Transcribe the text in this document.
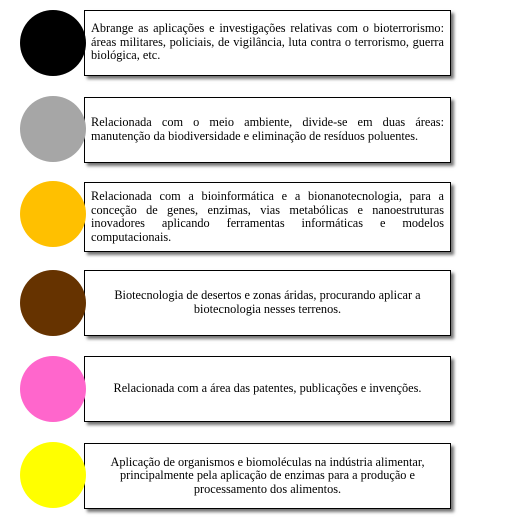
Abrange as aplicações e investigações relativas com o bioterrorismo: áreas militares, policiais, de vigilância, luta contra o terrorismo, guerra biológica, etc.
Relacionada com o meio ambiente, divide-se em duas áreas: manutenção da biodiversidade e eliminação de resíduos poluentes.
Relacionada com a bioinformática e a bionanotecnologia, para a conceção de genes, enzimas, vias metabólicas e nanoestruturas inovadores aplicando ferramentas informáticas e modelos computacionais.
Biotecnologia de desertos e zonas áridas, procurando aplicar a biotecnologia nesses terrenos.
Relacionada com a área das patentes, publicações e invenções.
Aplicação de organismos e biomoléculas na indústria alimentar, principalmente pela aplicação de enzimas para a produção e processamento dos alimentos.
